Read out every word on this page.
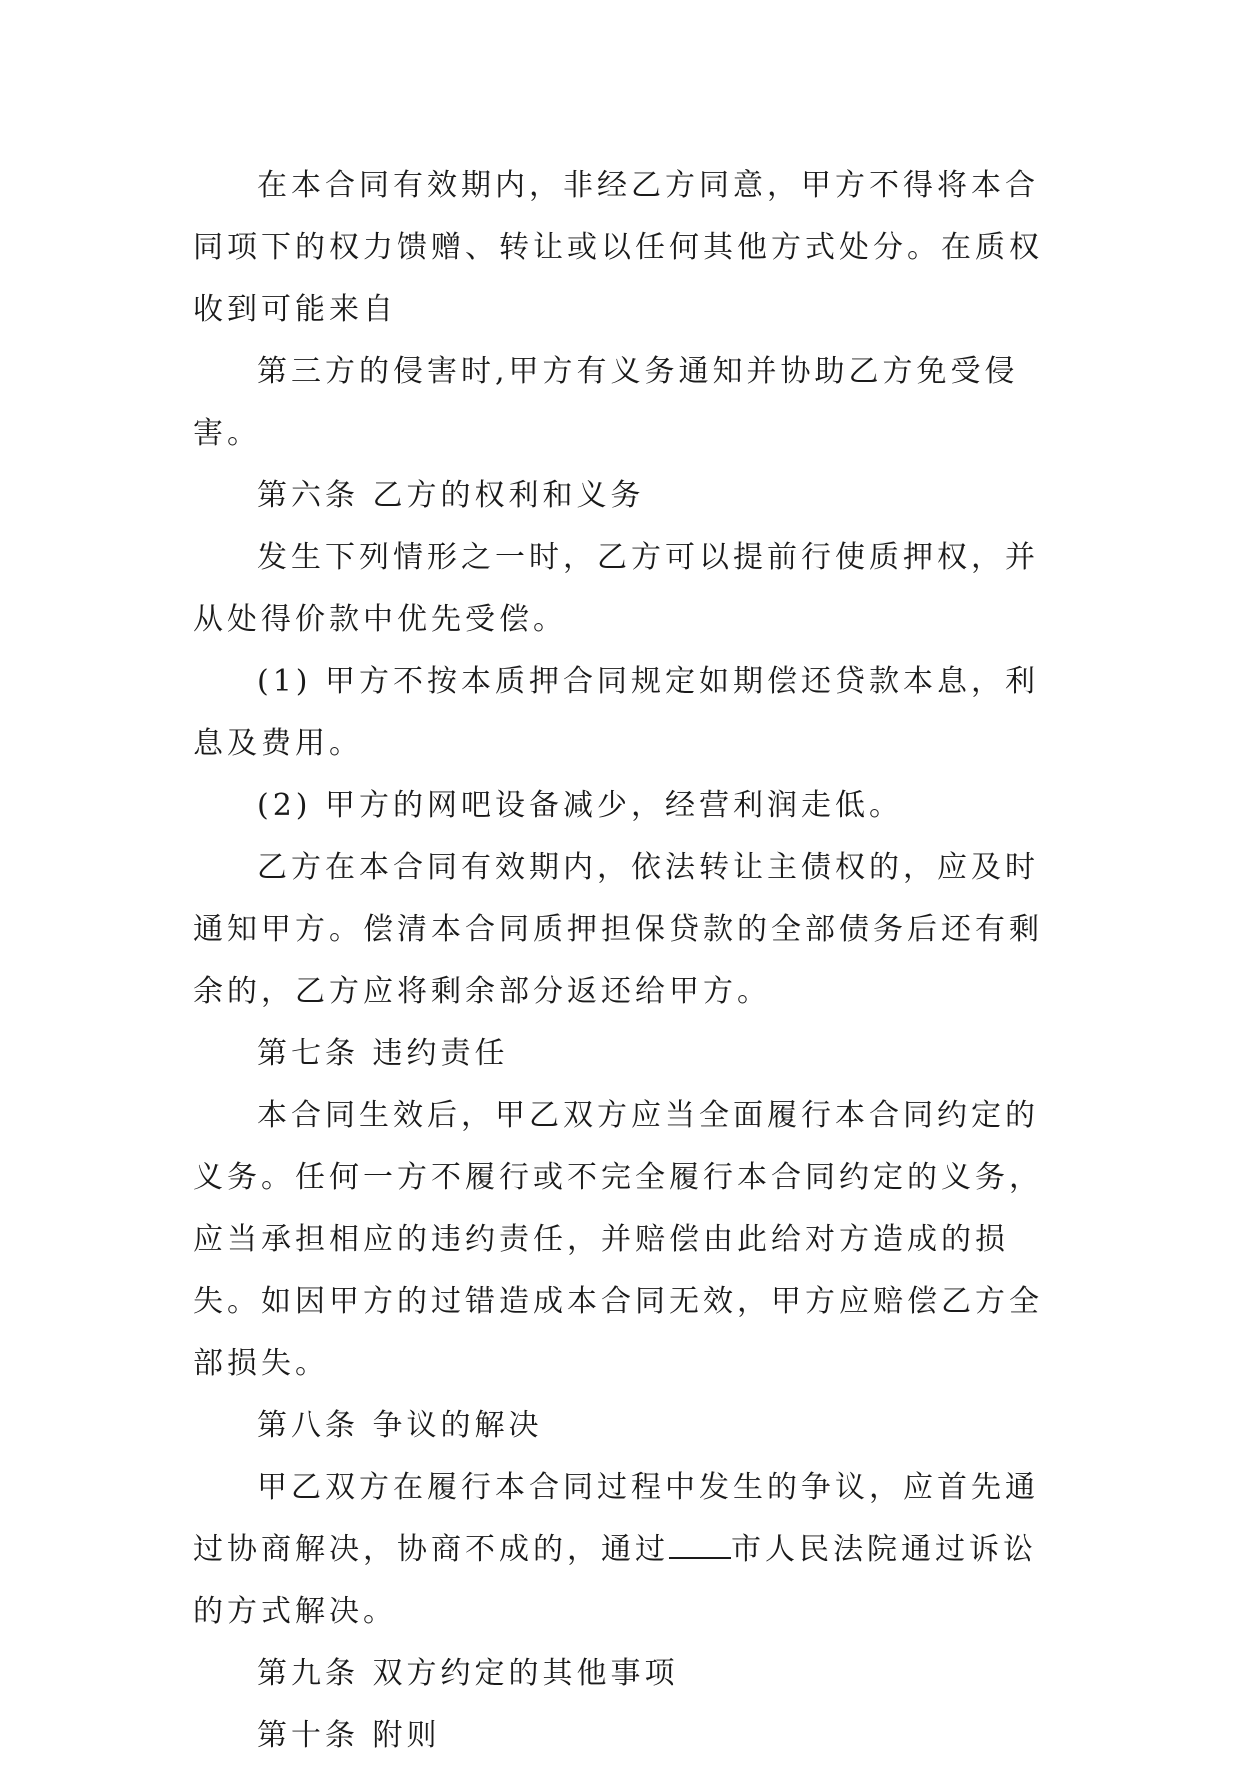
在本合同有效期内，非经乙方同意，甲方不得将本合同项下的权力馈赠、转让或以任何其他方式处分。在质权收到可能来自

第三方的侵害时,甲方有义务通知并协助乙方免受侵害。

第六条 乙方的权利和义务

发生下列情形之一时，乙方可以提前行使质押权，并从处得价款中优先受偿。

(1) 甲方不按本质押合同规定如期偿还贷款本息，利息及费用。

(2) 甲方的网吧设备减少，经营利润走低。

乙方在本合同有效期内，依法转让主债权的，应及时通知甲方。偿清本合同质押担保贷款的全部债务后还有剩余的，乙方应将剩余部分返还给甲方。

第七条 违约责任

本合同生效后，甲乙双方应当全面履行本合同约定的义务。任何一方不履行或不完全履行本合同约定的义务，应当承担相应的违约责任，并赔偿由此给对方造成的损失。如因甲方的过错造成本合同无效，甲方应赔偿乙方全部损失。

第八条 争议的解决

甲乙双方在履行本合同过程中发生的争议，应首先通过协商解决，协商不成的，通过 市人民法院通过诉讼的方式解决。

第九条 双方约定的其他事项

第十条 附则
